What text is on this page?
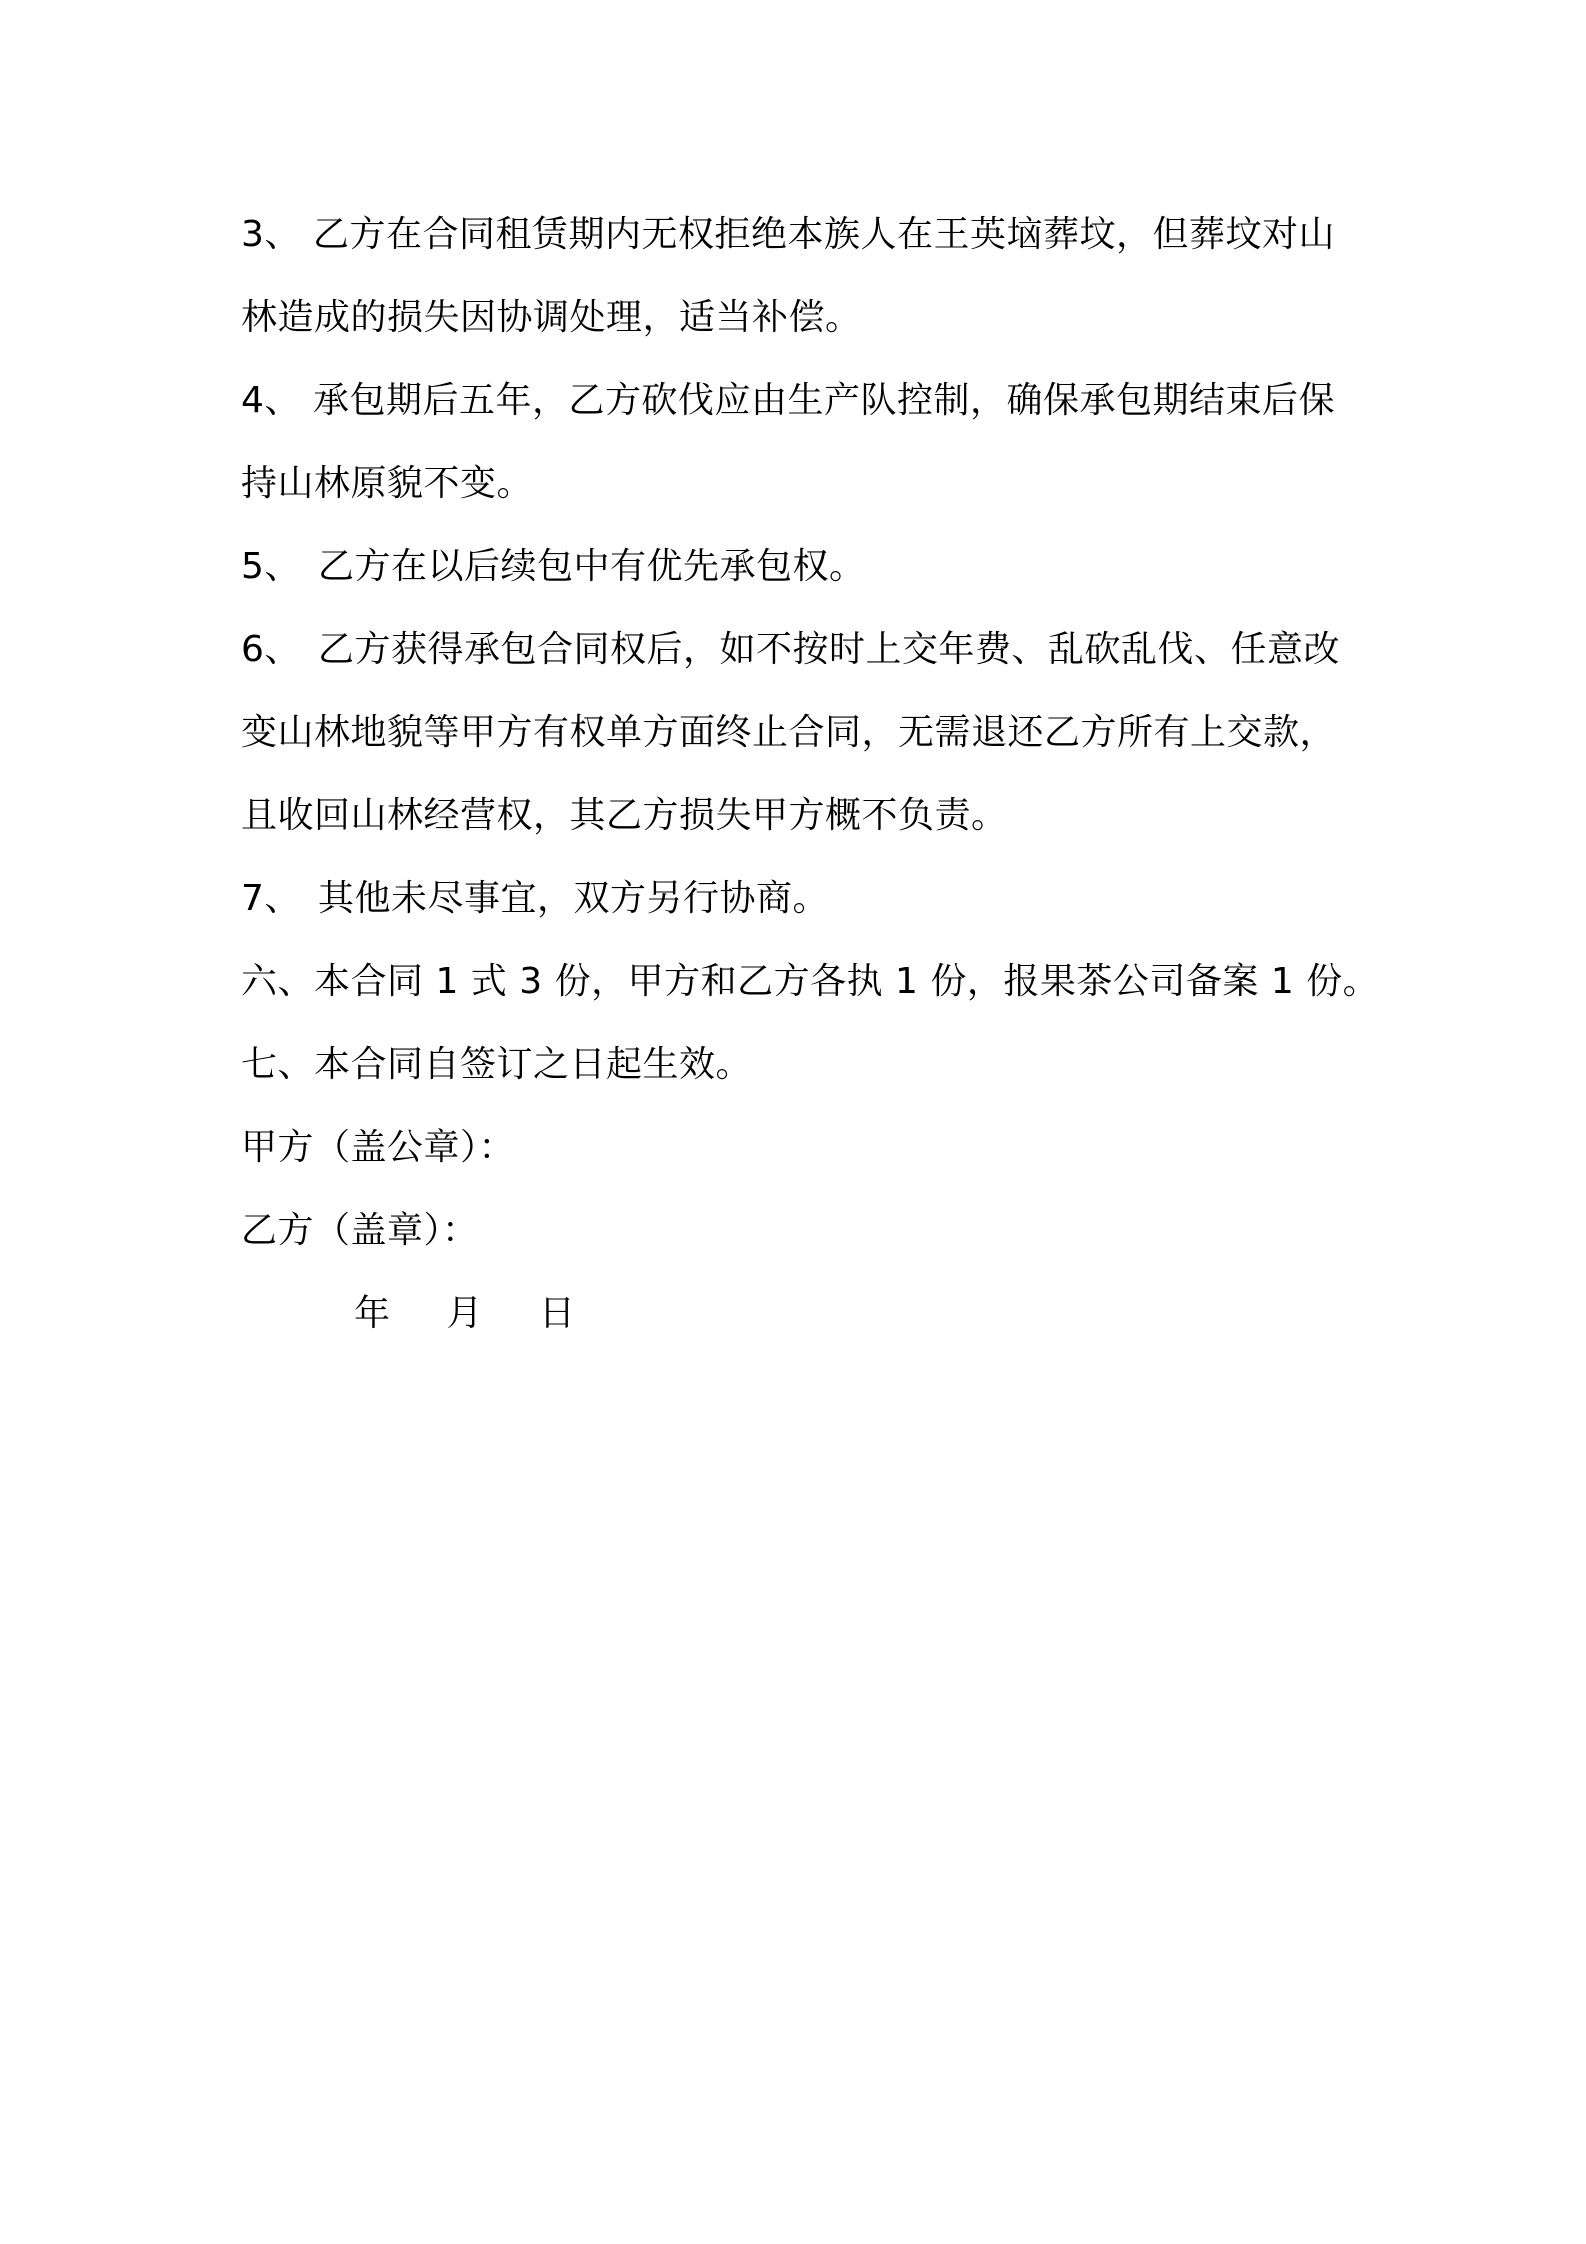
3、 乙方在合同租赁期内无权拒绝本族人在王英垴葬坟，但葬坟对山
林造成的损失因协调处理，适当补偿。
4、 承包期后五年，乙方砍伐应由生产队控制，确保承包期结束后保
持山林原貌不变。
5、 乙方在以后续包中有优先承包权。
6、 乙方获得承包合同权后，如不按时上交年费、乱砍乱伐、任意改
变山林地貌等甲方有权单方面终止合同，无需退还乙方所有上交款，
且收回山林经营权，其乙方损失甲方概不负责。
7、 其他未尽事宜，双方另行协商。
六、本合同 1 式 3 份，甲方和乙方各执 1 份，报果茶公司备案 1 份。
七、本合同自签订之日起生效。
甲方（盖公章）：
乙方（盖章）：
年 月 日
